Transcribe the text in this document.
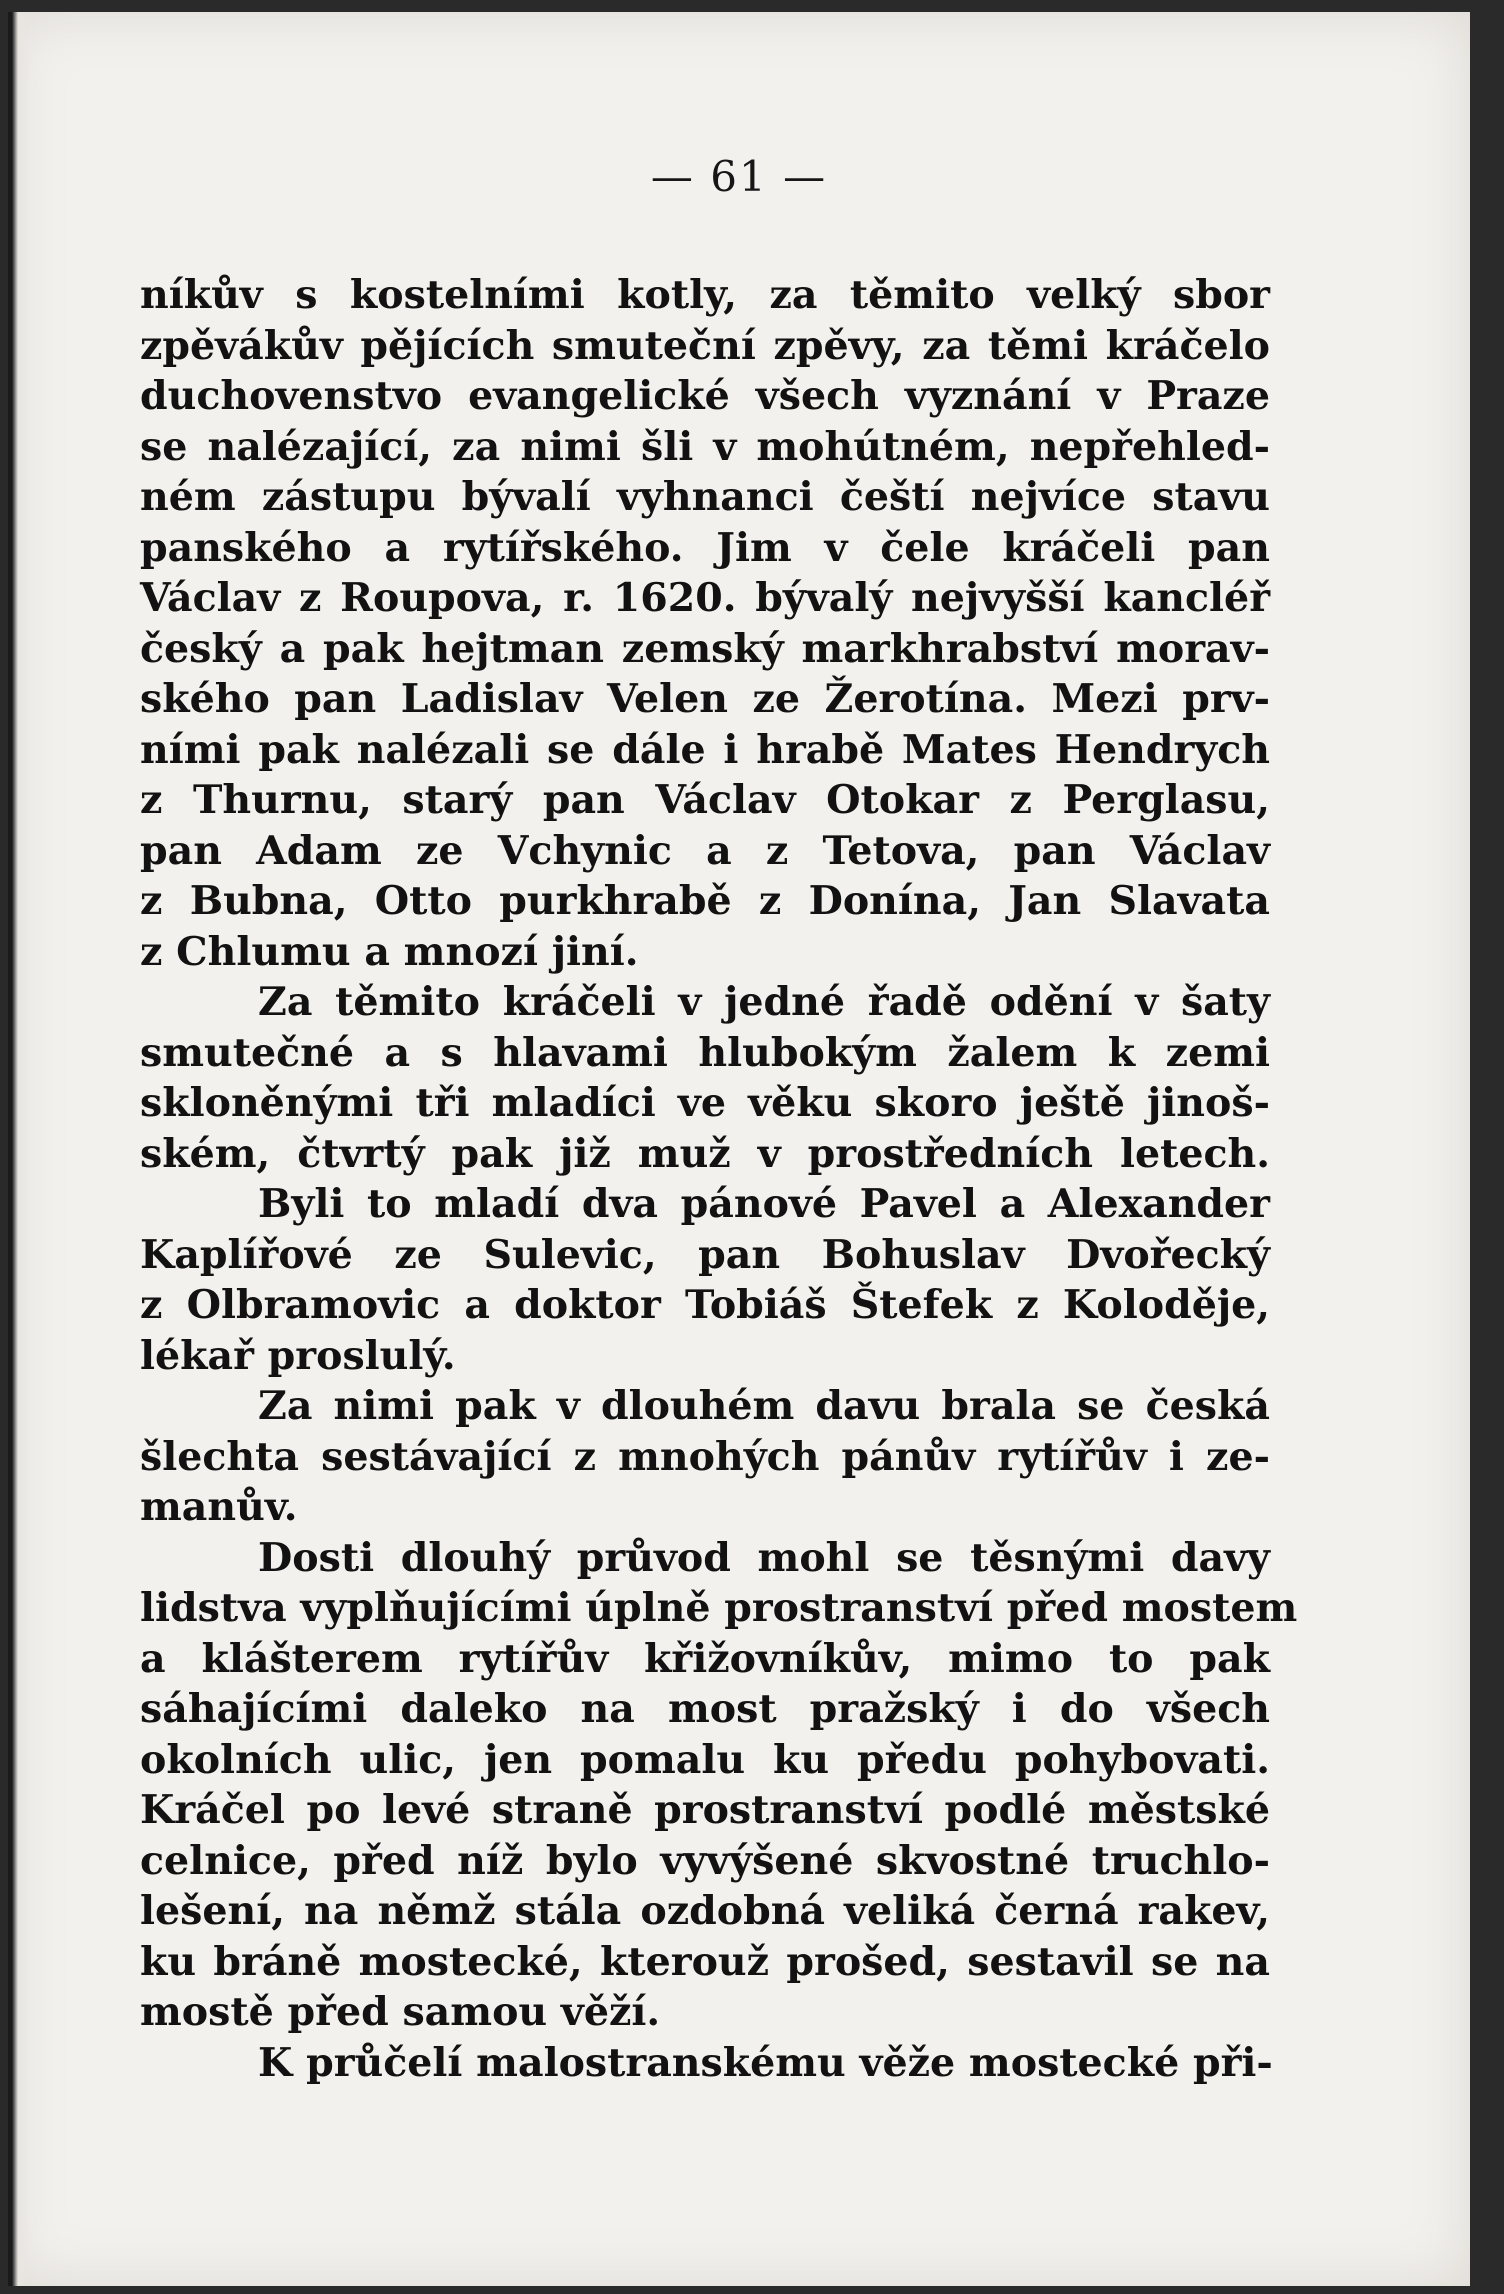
— 61 —
níkův s kostelními kotly, za těmito velký sbor
zpěvákův pějících smuteční zpěvy, za těmi kráčelo
duchovenstvo evangelické všech vyznání v Praze
se nalézající, za nimi šli v mohútném, nepřehled-
ném zástupu bývalí vyhnanci čeští nejvíce stavu
panského a rytířského. Jim v čele kráčeli pan
Václav z Roupova, r. 1620. bývalý nejvyšší kancléř
český a pak hejtman zemský markhrabství morav-
ského pan Ladislav Velen ze Žerotína. Mezi prv-
ními pak nalézali se dále i hrabě Mates Hendrych
z Thurnu, starý pan Václav Otokar z Perglasu,
pan Adam ze Vchynic a z Tetova, pan Václav
z Bubna, Otto purkhrabě z Donína, Jan Slavata
z Chlumu a mnozí jiní.
Za těmito kráčeli v jedné řadě odění v šaty
smutečné a s hlavami hlubokým žalem k zemi
skloněnými tři mladíci ve věku skoro ještě jinoš-
ském, čtvrtý pak již muž v prostředních letech.
Byli to mladí dva pánové Pavel a Alexander
Kaplířové ze Sulevic, pan Bohuslav Dvořecký
z Olbramovic a doktor Tobiáš Štefek z Koloděje,
lékař proslulý.
Za nimi pak v dlouhém davu brala se česká
šlechta sestávající z mnohých pánův rytířův i ze-
manův.
Dosti dlouhý průvod mohl se těsnými davy
lidstva vyplňujícími úplně prostranství před mostem
a klášterem rytířův křižovníkův, mimo to pak
sáhajícími daleko na most pražský i do všech
okolních ulic, jen pomalu ku předu pohybovati.
Kráčel po levé straně prostranství podlé městské
celnice, před níž bylo vyvýšené skvostné truchlo-
lešení, na němž stála ozdobná veliká černá rakev,
ku bráně mostecké, kterouž prošed, sestavil se na
mostě před samou věží.
K průčelí malostranskému věže mostecké při-
